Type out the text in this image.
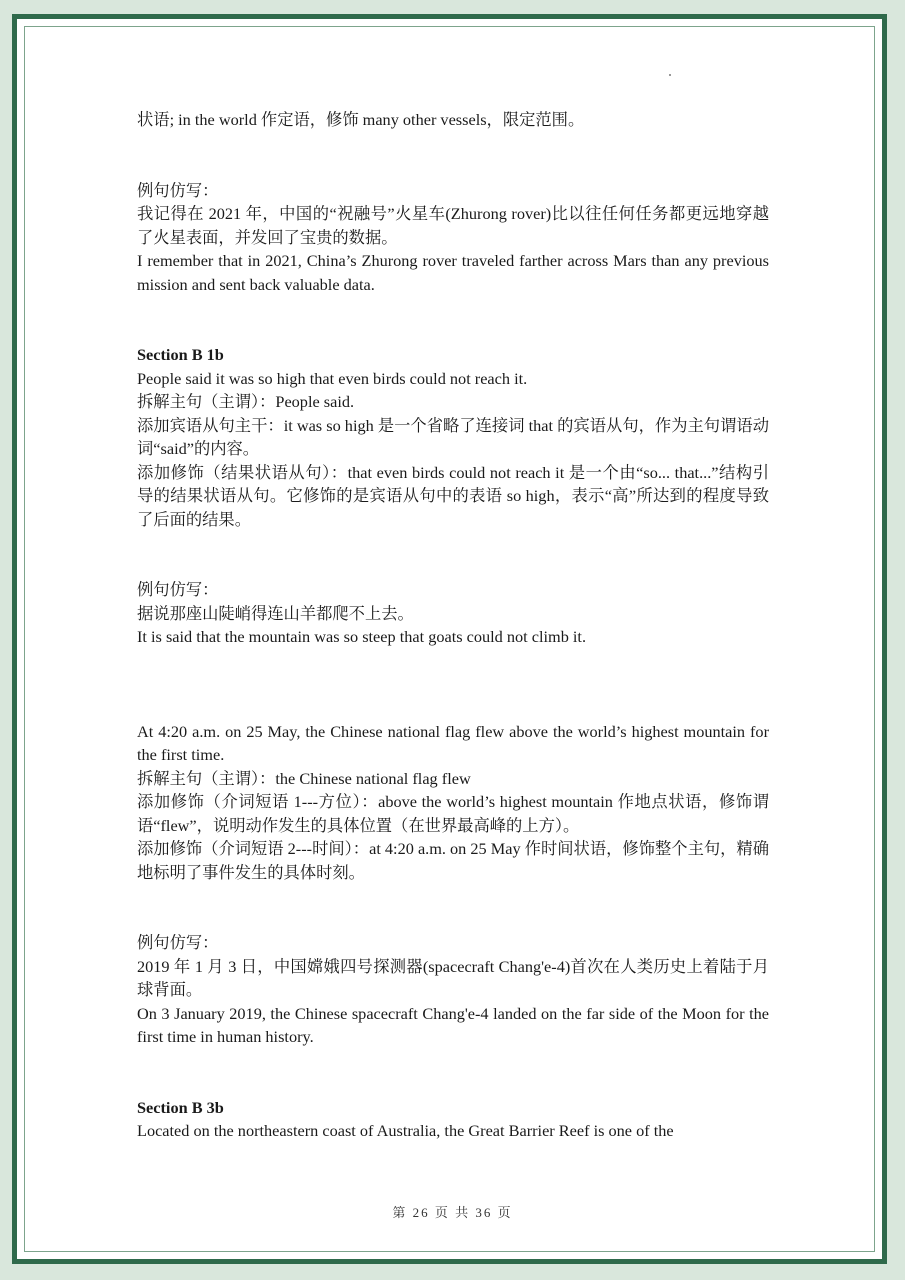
状语; in the world 作定语，修饰 many other vessels，限定范围。

例句仿写：

我记得在 2021 年，中国的“祝融号”火星车(Zhurong rover)比以往任何任务都更远地穿越了火星表面，并发回了宝贵的数据。

I remember that in 2021, China’s Zhurong rover traveled farther across Mars than any previous mission and sent back valuable data.

Section B 1b

People said it was so high that even birds could not reach it.

拆解主句（主谓）：People said.

添加宾语从句主干：it was so high 是一个省略了连接词 that 的宾语从句，作为主句谓语动词“said”的内容。

添加修饰（结果状语从句）：that even birds could not reach it 是一个由“so... that...”结构引导的结果状语从句。它修饰的是宾语从句中的表语 so high，表示“高”所达到的程度导致了后面的结果。

例句仿写：

据说那座山陡峭得连山羊都爬不上去。

It is said that the mountain was so steep that goats could not climb it.

At 4:20 a.m. on 25 May, the Chinese national flag flew above the world’s highest mountain for the first time.

拆解主句（主谓）：the Chinese national flag flew

添加修饰（介词短语 1---方位）：above the world’s highest mountain 作地点状语，修饰谓语“flew”，说明动作发生的具体位置（在世界最高峰的上方）。

添加修饰（介词短语 2---时间）：at 4:20 a.m. on 25 May 作时间状语，修饰整个主句，精确地标明了事件发生的具体时刻。

例句仿写：

2019 年 1 月 3 日，中国嫦娥四号探测器(spacecraft Chang'e-4)首次在人类历史上着陆于月球背面。

On 3 January 2019, the Chinese spacecraft Chang'e-4 landed on the far side of the Moon for the first time in human history.

Section B 3b

Located on the northeastern coast of Australia, the Great Barrier Reef is one of the

第 26 页 共 36 页
